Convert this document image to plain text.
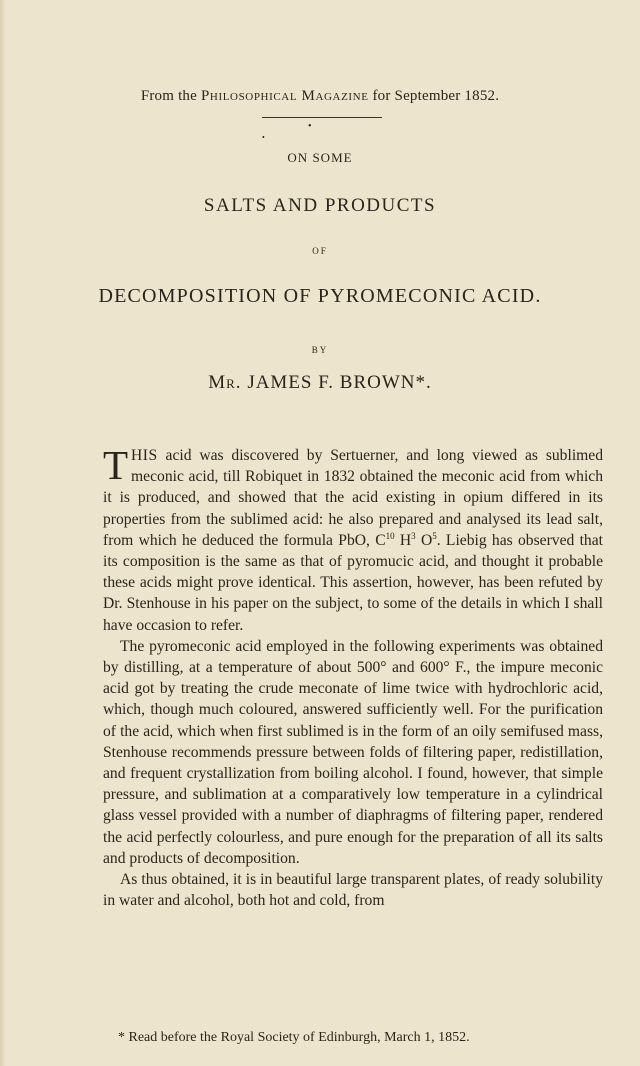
From the Philosophical Magazine for September 1852.
•
•
ON SOME
SALTS AND PRODUCTS
OF
DECOMPOSITION OF PYROMECONIC ACID.
BY
Mr. JAMES F. BROWN*.

THIS acid was discovered by Sertuerner, and long viewed as sublimed meconic acid, till Robiquet in 1832 obtained the meconic acid from which it is produced, and showed that the acid existing in opium differed in its properties from the sublimed acid: he also prepared and analysed its lead salt, from which he deduced the formula PbO, $C^{10}$ $H^3$ $O^5$. Liebig has observed that its composition is the same as that of pyromucic acid, and thought it probable these acids might prove identical. This assertion, however, has been refuted by Dr. Stenhouse in his paper on the subject, to some of the details in which I shall have occasion to refer.

The pyromeconic acid employed in the following experiments was obtained by distilling, at a temperature of about 500° and 600° F., the impure meconic acid got by treating the crude meconate of lime twice with hydrochloric acid, which, though much coloured, answered sufficiently well. For the purification of the acid, which when first sublimed is in the form of an oily semifused mass, Stenhouse recommends pressure between folds of filtering paper, redistillation, and frequent crystallization from boiling alcohol. I found, however, that simple pressure, and sublimation at a comparatively low temperature in a cylindrical glass vessel provided with a number of diaphragms of filtering paper, rendered the acid perfectly colourless, and pure enough for the preparation of all its salts and products of decomposition.

As thus obtained, it is in beautiful large transparent plates, of ready solubility in water and alcohol, both hot and cold, from

* Read before the Royal Society of Edinburgh, March 1, 1852.
